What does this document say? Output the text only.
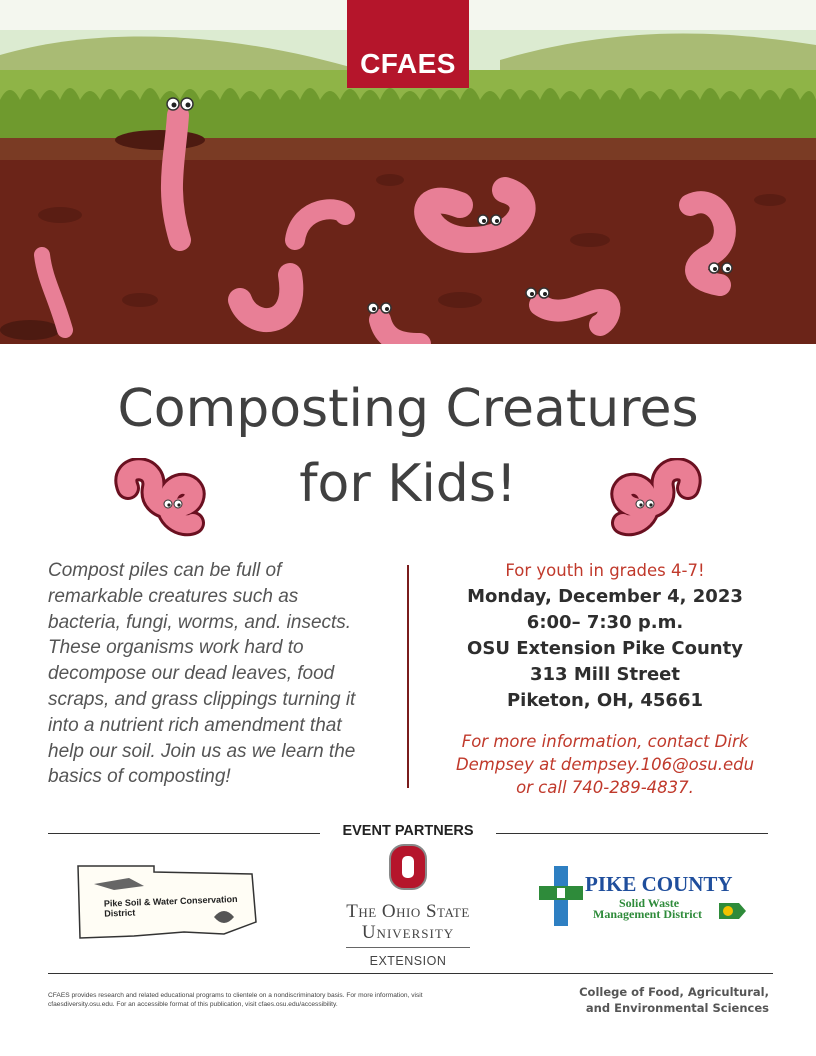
CFAES
Composting Creatures
for Kids!
Compost piles can be full of remarkable creatures such as bacteria, fungi, worms, and. insects. These organisms work hard to decompose our dead leaves, food scraps, and grass clippings turning it into a nutrient rich amendment that help our soil. Join us as we learn the basics of composting!
For youth in grades 4-7!
Monday, December 4, 2023
6:00– 7:30 p.m.
OSU Extension Pike County
313 Mill Street
Piketon, OH, 45661
For more information, contact Dirk
Dempsey at dempsey.106@osu.edu
or call 740-289-4837.
EVENT PARTNERS
Pike Soil & Water Conservation District	The Ohio State
University
EXTENSION
PIKE COUNTY
Solid Waste
Management District
CFAES provides research and related educational programs to clientele on a nondiscriminatory basis. For more information, visit cfaesdiversity.osu.edu. For an accessible format of this publication, visit cfaes.osu.edu/accessibility.
College of Food, Agricultural,
and Environmental Sciences
